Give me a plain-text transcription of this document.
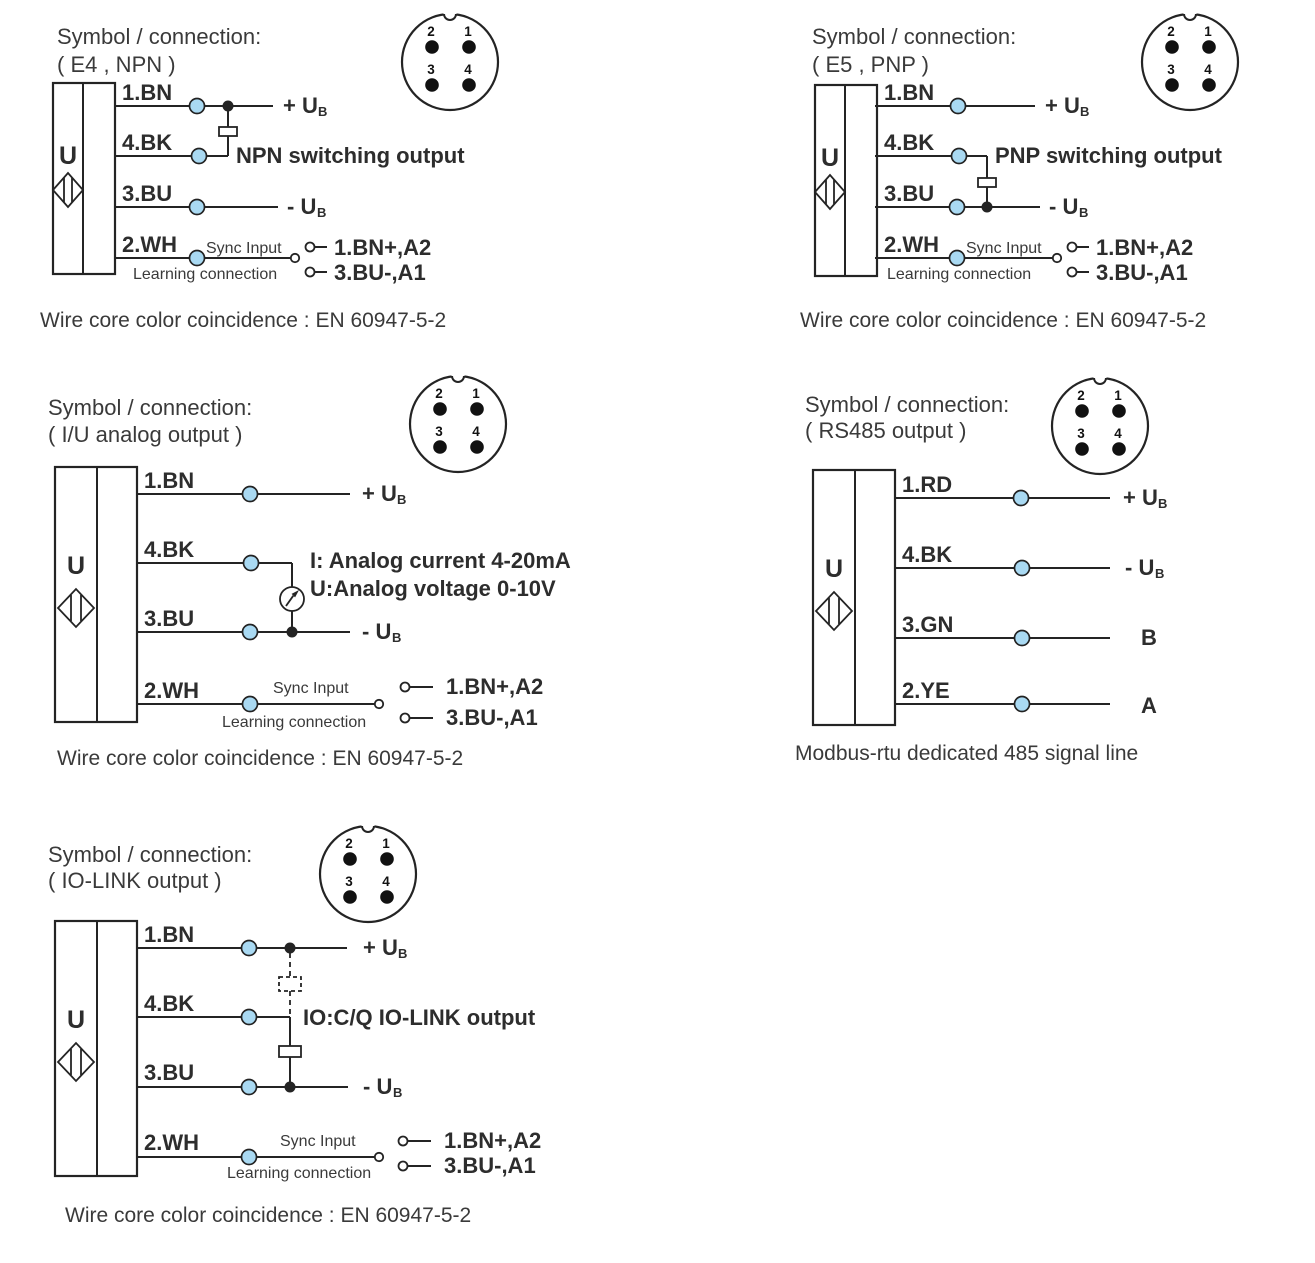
4
U
U
Symbol / connection:
( E4 , NPN )
1.BN
4.BK
3.BU
2.WH
+ U B
- U B
NPN switching output
Sync Input
Learning connection
1.BN+,A2
3.BU-,A1
Wire core color coincidence : EN 60947-5-2
Symbol / connection:
( E5 , PNP )
1.BN
4.BK
3.BU
2.WH
+ U B
- U B
PNP switching output
Sync Input
Learning connection
1.BN+,A2
3.BU-,A1
Wire core color coincidence : EN 60947-5-2
Symbol / connection:
( I/U analog output )
1.BN
4.BK
3.BU
2.WH
+ U B
- U B
I: Analog current 4-20mA
U:Analog voltage 0-10V
Sync Input
Learning connection
1.BN+,A2
3.BU-,A1
Wire core color coincidence : EN 60947-5-2
Symbol / connection:
( RS485 output )
1.RD
4.BK
3.GN
2.YE
+ U B
- U B
B
A
Modbus-rtu dedicated 485 signal line
Symbol / connection:
( IO-LINK output )
1.BN
4.BK
3.BU
2.WH
+ U B
- U B
IO:C/Q IO-LINK output
Sync Input
Learning connection
1.BN+,A2
3.BU-,A1
Wire core color coincidence : EN 60947-5-2
